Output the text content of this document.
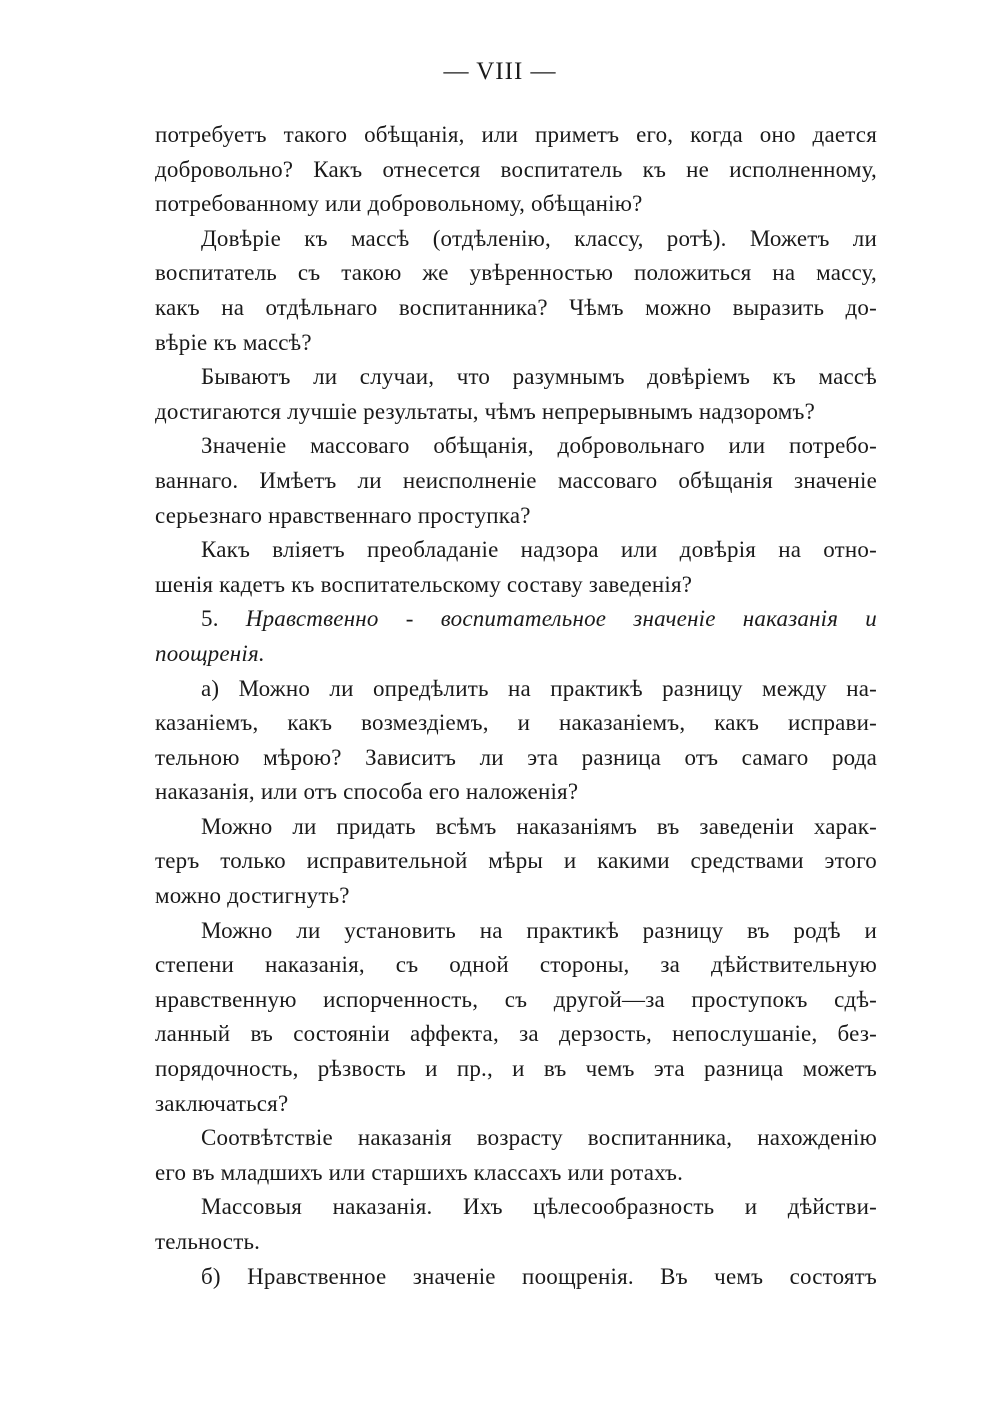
— VIII —
потребуетъ такого обѣщанія, или приметъ его, когда оно дается
добровольно? Какъ отнесется воспитатель къ не исполненному,
потребованному или добровольному, обѣщанію?
Довѣріе къ массѣ (отдѣленію, классу, ротѣ). Можетъ ли
воспитатель съ такою же увѣренностью положиться на массу,
какъ на отдѣльнаго воспитанника? Чѣмъ можно выразить до-
вѣріе къ массѣ?
Бываютъ ли случаи, что разумнымъ довѣріемъ къ массѣ
достигаются лучшіе результаты, чѣмъ непрерывнымъ надзоромъ?
Значеніе массоваго обѣщанія, добровольнаго или потребо-
ваннаго. Имѣетъ ли неисполненіе массоваго обѣщанія значеніе
серьезнаго нравственнаго проступка?
Какъ вліяетъ преобладаніе надзора или довѣрія на отно-
шенія кадетъ къ воспитательскому составу заведенія?
5. Нравственно - воспитательное значеніе наказанія и
поощренія.
а) Можно ли опредѣлить на практикѣ разницу между на-
казаніемъ, какъ возмездіемъ, и наказаніемъ, какъ исправи-
тельною мѣрою? Зависитъ ли эта разница отъ самаго рода
наказанія, или отъ способа его наложенія?
Можно ли придать всѣмъ наказаніямъ въ заведеніи харак-
теръ только исправительной мѣры и какими средствами этого
можно достигнуть?
Можно ли установить на практикѣ разницу въ родѣ и
степени наказанія, съ одной стороны, за дѣйствительную
нравственную испорченность, съ другой—за проступокъ сдѣ-
ланный въ состояніи аффекта, за дерзость, непослушаніе, без-
порядочность, рѣзвость и пр., и въ чемъ эта разница можетъ
заключаться?
Соотвѣтствіе наказанія возрасту воспитанника, нахожденію
его въ младшихъ или старшихъ классахъ или ротахъ.
Массовыя наказанія. Ихъ цѣлесообразность и дѣйстви-
тельность.
б) Нравственное значеніе поощренія. Въ чемъ состоятъ
